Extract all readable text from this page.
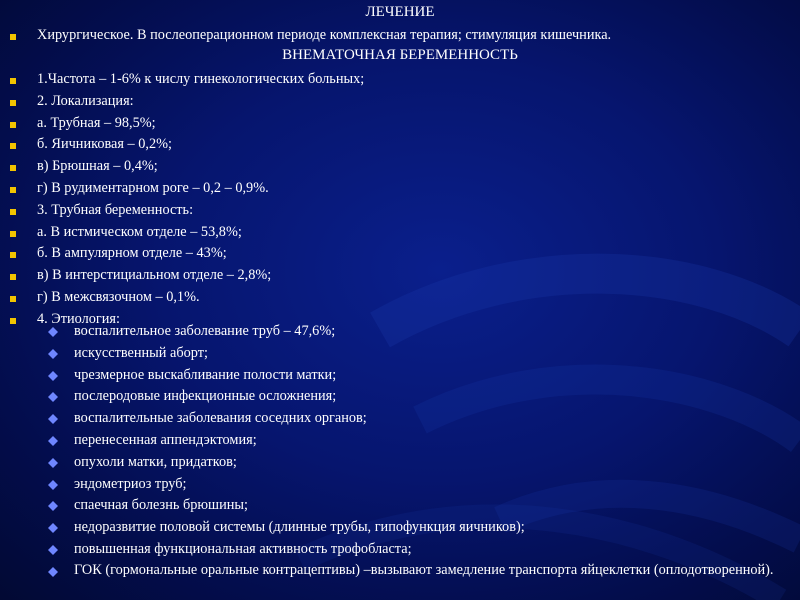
ЛЕЧЕНИЕ
Хирургическое. В послеоперационном периоде комплексная терапия; стимуляция кишечника.
ВНЕМАТОЧНАЯ БЕРЕМЕННОСТЬ
1.Частота – 1-6% к числу гинекологических больных;
2. Локализация:
а. Трубная – 98,5%;
б. Яичниковая – 0,2%;
в) Брюшная – 0,4%;
г) В рудиментарном роге – 0,2 – 0,9%.
3. Трубная беременность:
а. В истмическом отделе – 53,8%;
б. В ампулярном отделе – 43%;
в) В интерстициальном отделе – 2,8%;
г) В межсвязочном – 0,1%.
4. Этиология:
воспалительное заболевание труб – 47,6%;
искусственный аборт;
чрезмерное выскабливание полости матки;
послеродовые инфекционные осложнения;
воспалительные заболевания соседних органов;
перенесенная аппендэктомия;
опухоли матки, придатков;
эндометриоз труб;
спаечная болезнь брюшины;
недоразвитие половой системы (длинные трубы, гипофункция яичников);
повышенная функциональная активность трофобласта;
ГОК (гормональные оральные контрацептивы) –вызывают замедление транспорта яйцеклетки (оплодотворенной).
